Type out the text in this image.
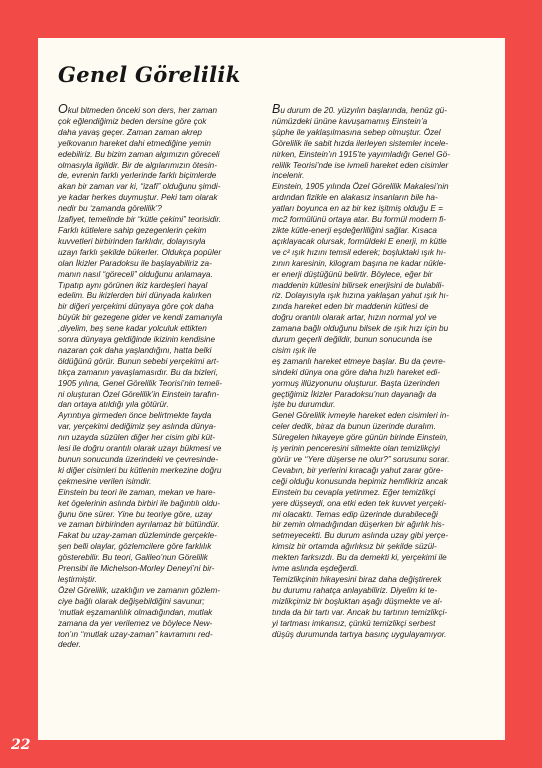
Genel Görelilik

Okul bitmeden önceki son ders, her zaman

çok eğlendiğimiz beden dersine göre çok

daha yavaş geçer. Zaman zaman akrep

yelkovanın hareket dahi etmediğine yemin

edebiliriz. Bu bizim zaman algımızın göreceli

olmasıyla ilgilidir. Bir de algılarımızın ötesin-

de, evrenin farklı yerlerinde farklı biçimlerde

akan bir zaman var ki, “izafi” olduğunu şimdi-

ye kadar herkes duymuştur. Peki tam olarak

nedir bu ‘zamanda görelilik’?

İzafiyet, temelinde bir “kütle çekimi” teorisidir.

Farklı kütlelere sahip gezegenlerin çekim

kuvvetleri birbirinden farklıdır, dolayısıyla

uzayı farklı şekilde bükerler. Oldukça popüler

olan İkizler Paradoksu ile başlayabiliriz za-

manın nasıl “göreceli” olduğunu anlamaya.

Tıpatıp aynı görünen ikiz kardeşleri hayal

edelim. Bu ikizlerden biri dünyada kalırken

bir diğeri yerçekimi dünyaya göre çok daha

büyük bir gezegene gider ve kendi zamanıyla

,diyelim, beş sene kadar yolculuk ettikten

sonra dünyaya geldiğinde ikizinin kendisine

nazaran çok daha yaşlandığını, hatta belki

öldüğünü görür. Bunun sebebi yerçekimi art-

tıkça zamanın yavaşlamasıdır. Bu da bizleri,

1905 yılına, Genel Görelilik Teorisi’nin temeli-

ni oluşturan Özel Görelilik’in Einstein tarafın-

dan ortaya atıldığı yıla götürür.

Ayrıntıya girmeden önce belirtmekte fayda

var, yerçekimi dediğimiz şey aslında dünya-

nın uzayda süzülen diğer her cisim gibi küt-

lesi ile doğru orantılı olarak uzayı bükmesi ve

bunun sonucunda üzerindeki ve çevresinde-

ki diğer cisimleri bu kütlenin merkezine doğru

çekmesine verilen isimdir.

Einstein bu teori ile zaman, mekan ve hare-

ket ögelerinin aslında birbiri ile bağıntılı oldu-

ğunu öne sürer. Yine bu teoriye göre, uzay

ve zaman birbirinden ayrılamaz bir bütündür.

Fakat bu uzay-zaman düzleminde gerçekle-

şen belli olaylar, gözlemcilere göre farklılık

gösterebilir. Bu teori, Galileo’nun Görelilik

Prensibi ile Michelson-Morley Deneyi’ni bir-

leştirmiştir.

Özel Görelilik, uzaklığın ve zamanın gözlem-

ciye bağlı olarak değişebildiğini savunur;

‘mutlak eşzamanlılık olmadığından, mutlak

zamana da yer verilemez ve böylece New-

ton’ın ‘‘mutlak uzay-zaman’’ kavramını red-

deder.

Bu durum de 20. yüzyılın başlarında, henüz gü-

nümüzdeki ününe kavuşamamış Einstein’a

şüphe ile yaklaşılmasına sebep olmuştur. Özel

Görelilik ile sabit hızda ilerleyen sistemler incele-

nirken, Einstein’ın 1915’te yayımladığı Genel Gö-

relilik Teorisi’nde ise ivmeli hareket eden cisimler

incelenir.

Einstein, 1905 yılında Özel Görelilik Makalesi’nin

ardından fizikle en alakasız insanların bile ha-

yatları boyunca en az bir kez işitmiş olduğu E =

mc2 formülünü ortaya atar. Bu formül modern fi-

zikte kütle-enerji eşdeğerliliğini sağlar. Kısaca

açıklayacak olursak, formüldeki E enerji, m kütle

ve c² ışık hızını temsil ederek; boşluktaki ışık hı-

zının karesinin, kilogram başına ne kadar nükle-

er enerji düştüğünü belirtir. Böylece, eğer bir

maddenin kütlesini bilirsek enerjisini de bulabili-

riz. Dolayısıyla ışık hızına yaklaşan yahut ışık hı-

zında hareket eden bir maddenin kütlesi de

doğru orantılı olarak artar, hızın normal yol ve

zamana bağlı olduğunu bilsek de ışık hızı için bu

durum geçerli değildir, bunun sonucunda ise

cisim ışık ile

eş zamanlı hareket etmeye başlar. Bu da çevre-

sindeki dünya ona göre daha hızlı hareket edi-

yormuş illüzyonunu oluşturur. Başta üzerinden

geçtiğimiz İkizler Paradoksu’nun dayanağı da

işte bu durumdur.

Genel Görelilik ivmeyle hareket eden cisimleri in-

celer dedik, biraz da bunun üzerinde duralım.

Süregelen hikayeye göre günün birinde Einstein,

iş yerinin penceresini silmekte olan temizlikçiyi

görür ve ‘‘Yere düşerse ne olur?’’ sorusunu sorar.

Cevabın, bir yerlerini kıracağı yahut zarar göre-

ceği olduğu konusunda hepimiz hemfikiriz ancak

Einstein bu cevapla yetinmez. Eğer temizlikçi

yere düşseydi, ona etki eden tek kuvvet yerçeki-

mi olacaktı. Temas edip üzerinde durabileceği

bir zemin olmadığından düşerken bir ağırlık his-

setmeyecekti. Bu durum aslında uzay gibi yerçe-

kimsiz bir ortamda ağırlıksız bir şekilde süzül-

mekten farksızdı. Bu da demekti ki, yerçekimi ile

ivme aslında eşdeğerdi.

Temizlikçinin hikayesini biraz daha değiştirerek

bu durumu rahatça anlayabiliriz. Diyelim ki te-

mizlikçimiz bir boşluktan aşağı düşmekte ve al-

tında da bir tartı var. Ancak bu tartının temizlikçi-

yi tartması imkansız, çünkü temizlikçi serbest

düşüş durumunda tartıya basınç uygulayamıyor.

22
